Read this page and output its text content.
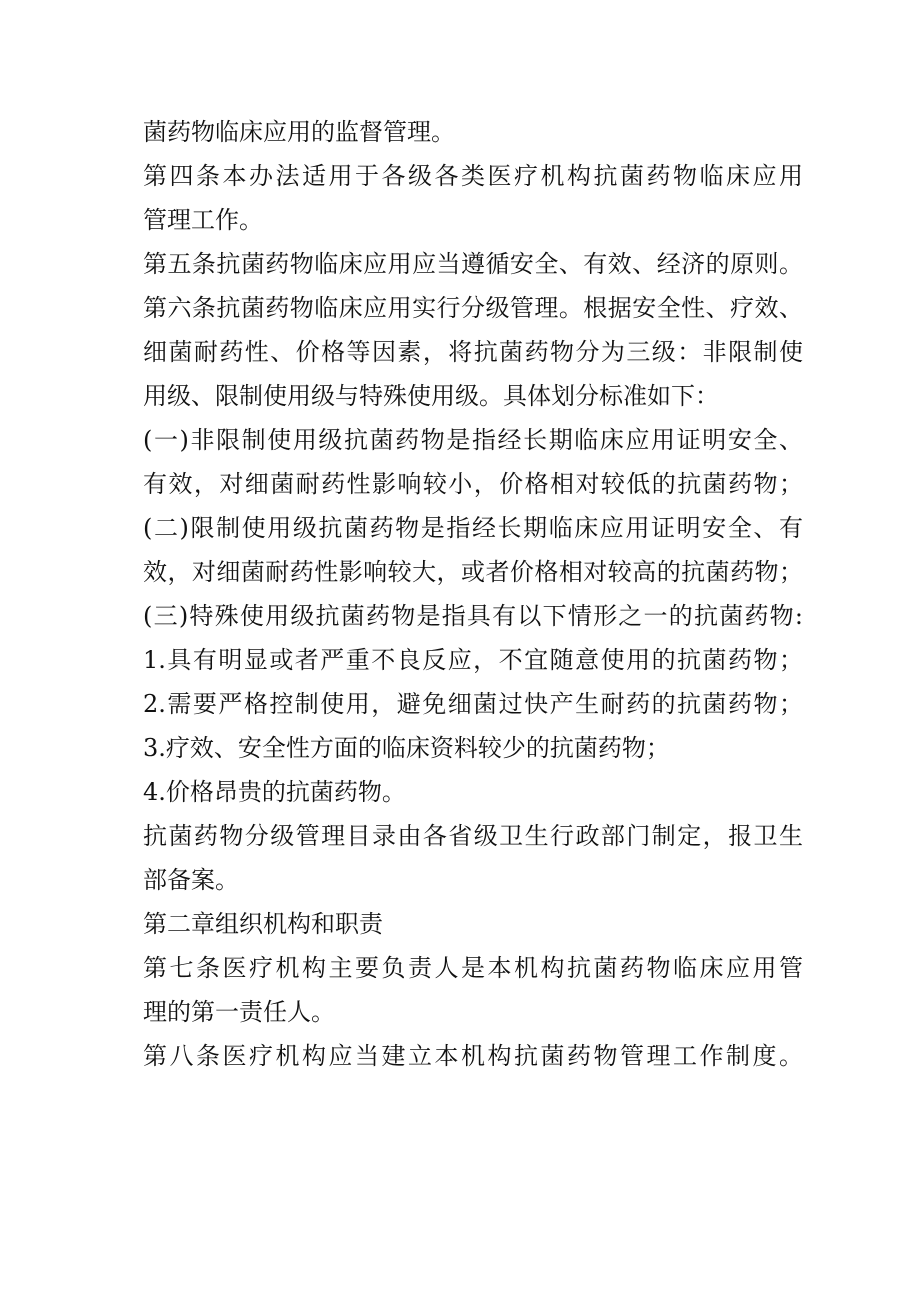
菌药物临床应用的监督管理。
第四条本办法适用于各级各类医疗机构抗菌药物临床应用
管理工作。
第五条抗菌药物临床应用应当遵循安全、有效、经济的原则。
第六条抗菌药物临床应用实行分级管理。根据安全性、疗效、
细菌耐药性、价格等因素，将抗菌药物分为三级：非限制使
用级、限制使用级与特殊使用级。具体划分标准如下：
(一)非限制使用级抗菌药物是指经长期临床应用证明安全、
有效，对细菌耐药性影响较小，价格相对较低的抗菌药物；
(二)限制使用级抗菌药物是指经长期临床应用证明安全、有
效，对细菌耐药性影响较大，或者价格相对较高的抗菌药物；
(三)特殊使用级抗菌药物是指具有以下情形之一的抗菌药物:
1.具有明显或者严重不良反应，不宜随意使用的抗菌药物；
2.需要严格控制使用，避免细菌过快产生耐药的抗菌药物；
3.疗效、安全性方面的临床资料较少的抗菌药物；
4.价格昂贵的抗菌药物。
抗菌药物分级管理目录由各省级卫生行政部门制定，报卫生
部备案。
第二章组织机构和职责
第七条医疗机构主要负责人是本机构抗菌药物临床应用管
理的第一责任人。
第八条医疗机构应当建立本机构抗菌药物管理工作制度。
